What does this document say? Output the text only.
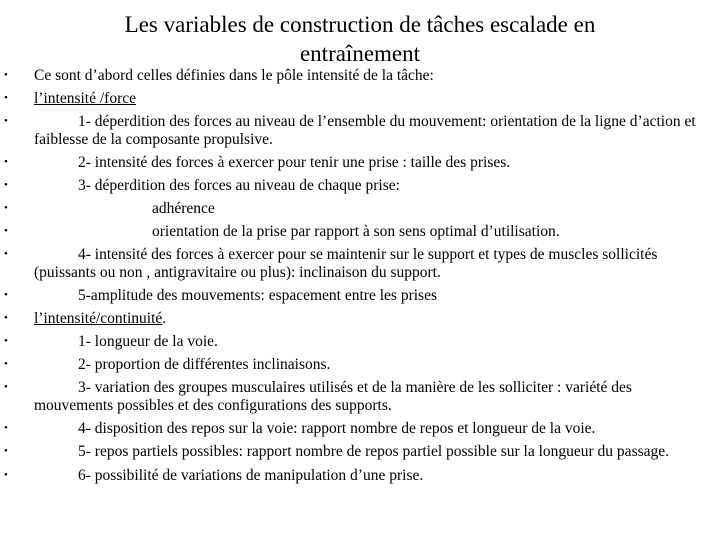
Les variables de construction de tâches escalade en entraînement
• Ce sont d’abord celles définies dans le pôle intensité de la tâche:
• l’intensité /force
•	1- déperdition des forces au niveau de l’ensemble du mouvement: orientation de la ligne d’action et faiblesse de la composante propulsive.
•	2- intensité des forces à exercer pour tenir une prise : taille des prises.
•	3- déperdition des forces au niveau de chaque prise:
•	adhérence
•	orientation de la prise par rapport à son sens optimal d’utilisation.
•	4- intensité des forces à exercer pour se maintenir sur le support et types de muscles sollicités (puissants ou non , antigravitaire ou plus): inclinaison du support.
•	5-amplitude des mouvements: espacement entre les prises
• l’intensité/continuité.
•	1- longueur de la voie.
•	2- proportion de différentes inclinaisons.
•	3- variation des groupes musculaires utilisés et de la manière de les solliciter : variété des mouvements possibles et des configurations des supports.
•	4- disposition des repos sur la voie: rapport nombre de repos et longueur de la voie.
•	5- repos partiels possibles: rapport nombre de repos partiel possible sur la longueur du passage.
•	6- possibilité de variations de manipulation d’une prise.
